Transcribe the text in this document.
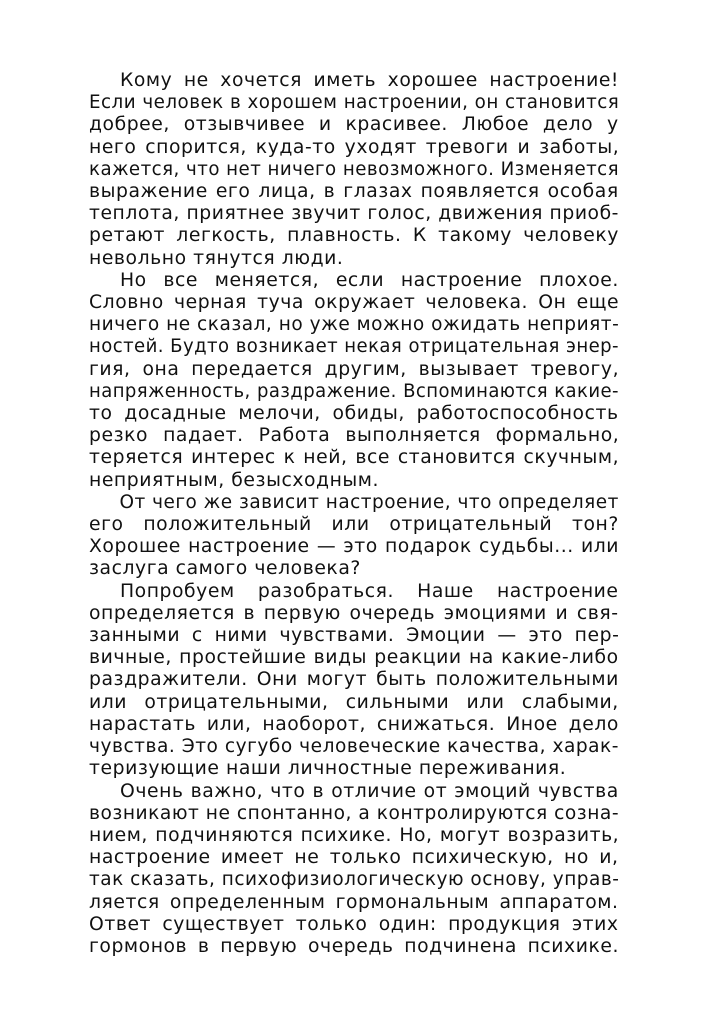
Кому не хочется иметь хорошее настроение!
Если человек в хорошем настроении, он становится
добрее, отзывчивее и красивее. Любое дело у
него спорится, куда-то уходят тревоги и заботы,
кажется, что нет ничего невозможного. Изменяется
выражение его лица, в глазах появляется особая
теплота, приятнее звучит голос, движения приоб-
ретают легкость, плавность. К такому человеку
невольно тянутся люди.
Но все меняется, если настроение плохое.
Словно черная туча окружает человека. Он еще
ничего не сказал, но уже можно ожидать неприят-
ностей. Будто возникает некая отрицательная энер-
гия, она передается другим, вызывает тревогу,
напряженность, раздражение. Вспоминаются какие-
то досадные мелочи, обиды, работоспособность
резко падает. Работа выполняется формально,
теряется интерес к ней, все становится скучным,
неприятным, безысходным.
От чего же зависит настроение, что определяет
его положительный или отрицательный тон?
Хорошее настроение — это подарок судьбы... или
заслуга самого человека?
Попробуем разобраться. Наше настроение
определяется в первую очередь эмоциями и свя-
занными с ними чувствами. Эмоции — это пер-
вичные, простейшие виды реакции на какие-либо
раздражители. Они могут быть положительными
или отрицательными, сильными или слабыми,
нарастать или, наоборот, снижаться. Иное дело
чувства. Это сугубо человеческие качества, харак-
теризующие наши личностные переживания.
Очень важно, что в отличие от эмоций чувства
возникают не спонтанно, а контролируются созна-
нием, подчиняются психике. Но, могут возразить,
настроение имеет не только психическую, но и,
так сказать, психофизиологическую основу, управ-
ляется определенным гормональным аппаратом.
Ответ существует только один: продукция этих
гормонов в первую очередь подчинена психике.
